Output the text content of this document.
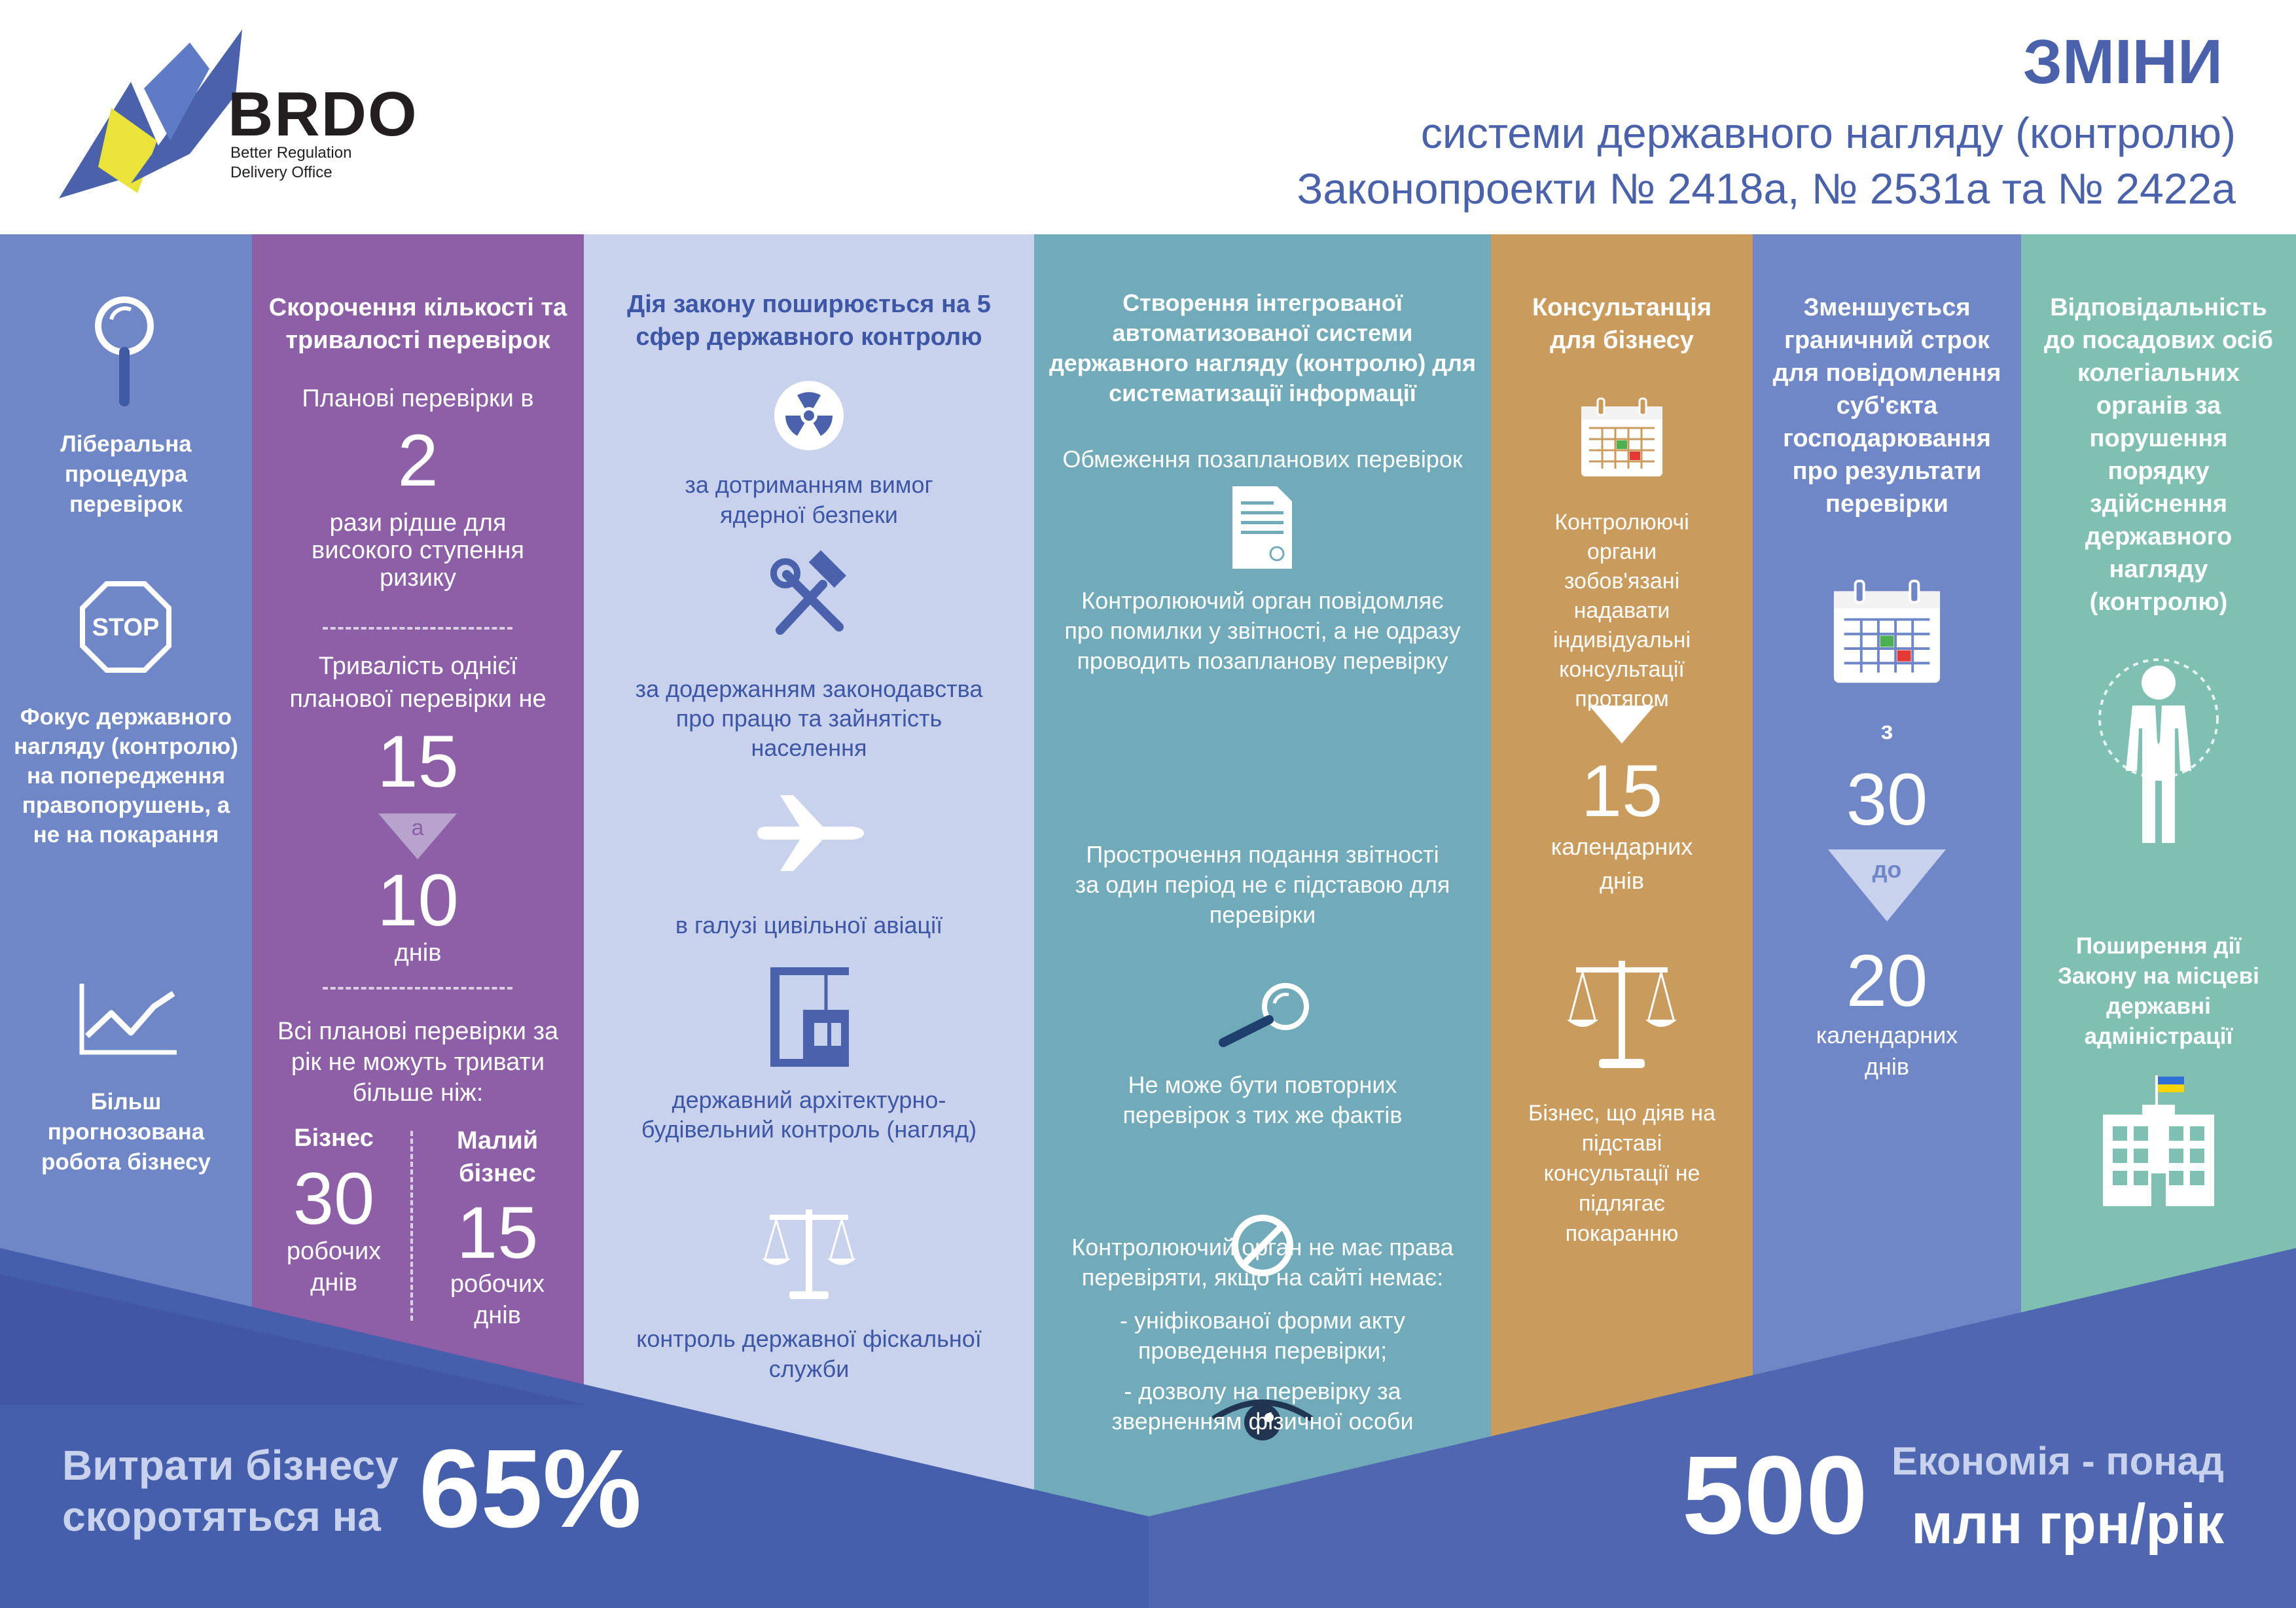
BRDO
Better Regulation
Delivery Office
ЗМІНИ
системи державного нагляду (контролю)
Законопроекти № 2418а, № 2531а та № 2422а
Ліберальна процедура перевірок
STOP
Фокус державного нагляду (контролю) на попередження правопорушень, а не на покарання
Більш прогнозована робота бізнесу
Скорочення кількості та тривалості перевірок
Планові перевірки в
2
рази рідше для високого ступення ризику
Тривалість однієї планової перевірки не
15
а
10
днів
Всі планові перевірки за рік не можуть тривати більше ніж:
Бізнес
30
робочих днів
Малий бізнес
15
робочих днів
Дія закону поширюється на 5 сфер державного контролю
за дотриманням вимог ядерної безпеки
за додержанням законодавства про працю та зайнятість населення
в галузі цивільної авіації
державний архітектурно-будівельний контроль (нагляд)
контроль державної фіскальної служби
Створення інтегрованої автоматизованої системи державного нагляду (контролю) для систематизації інформації
Обмеження позапланових перевірок
Контролюючий орган повідомляє про помилки у звітності, а не одразу проводить позапланову перевірку
Прострочення подання звітності за один період не є підставою для перевірки
Не може бути повторних перевірок з тих же фактів
Контролюючий орган не має права перевіряти, якщо на сайті немає:
- уніфікованої форми акту проведення перевірки;
- дозволу на перевірку за зверненням фізичної особи
Консультанція для бізнесу
Контролюючі органи зобов'язані надавати індивідуальні консультації протягом
15
календарних днів
Бізнес, що діяв на підставі консультації не підлягає покаранню
Зменшується граничний строк для повідомлення суб'єкта господарювання про результати перевірки
з
30
до
20
календарних днів
Відповідальність до посадових осіб колегіальних органів за порушення порядку здійснення державного нагляду (контролю)
Поширення дії Закону на місцеві державні адміністрації
Витрати бізнесу скоротяться на 65%	500 Економія - понад
млн грн/рік
